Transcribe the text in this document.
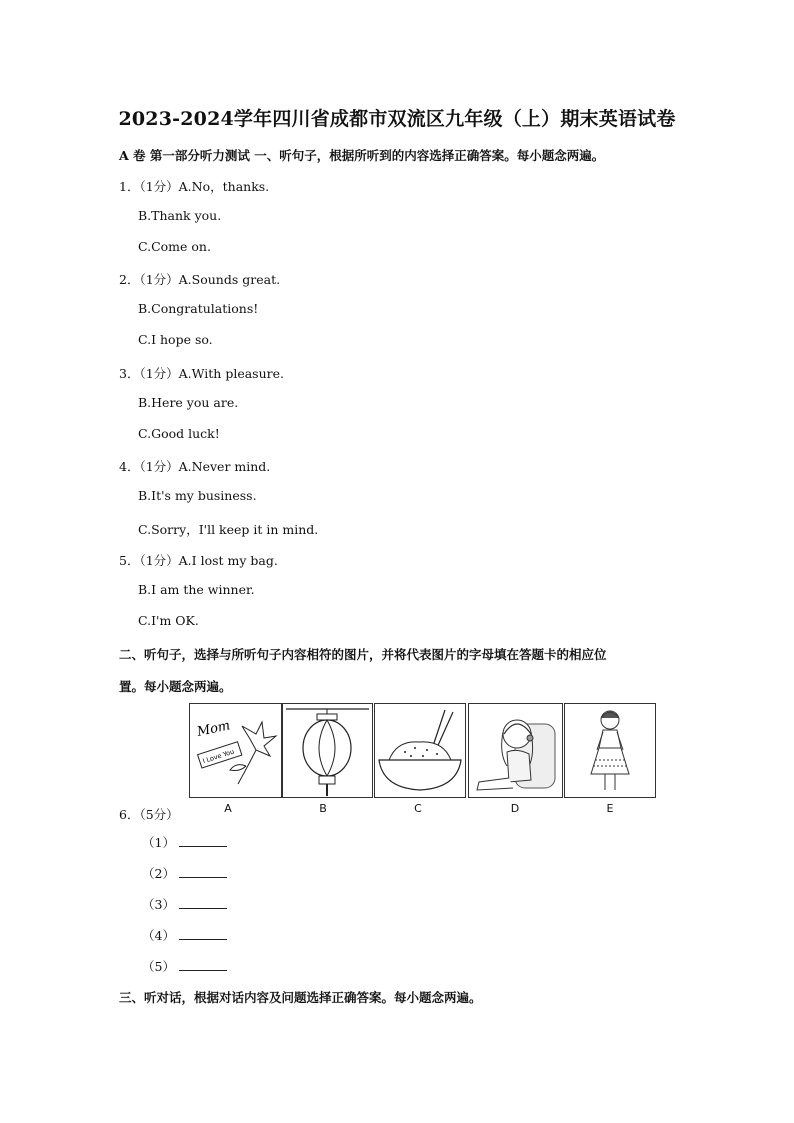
2023-2024学年四川省成都市双流区九年级（上）期末英语试卷
A 卷 第一部分听力测试 一、听句子，根据所听到的内容选择正确答案。每小题念两遍。
1．（1分）A.No，thanks.
B.Thank you.
C.Come on.
2．（1分）A.Sounds great.
B.Congratulations!
C.I hope so.
3．（1分）A.With pleasure.
B.Here you are.
C.Good luck!
4．（1分）A.Never mind.
B.It's my business.
C.Sorry，I'll keep it in mind.
5．（1分）A.I lost my bag.
B.I am the winner.
C.I'm OK.
二、听句子，选择与所听句子内容相符的图片，并将代表图片的字母填在答题卡的相应位
置。每小题念两遍。
Mom
I Love You
A	B	C	D	E
6．（5分）
（1）
（2）
（3）
（4）
（5）
三、听对话，根据对话内容及问题选择正确答案。每小题念两遍。
